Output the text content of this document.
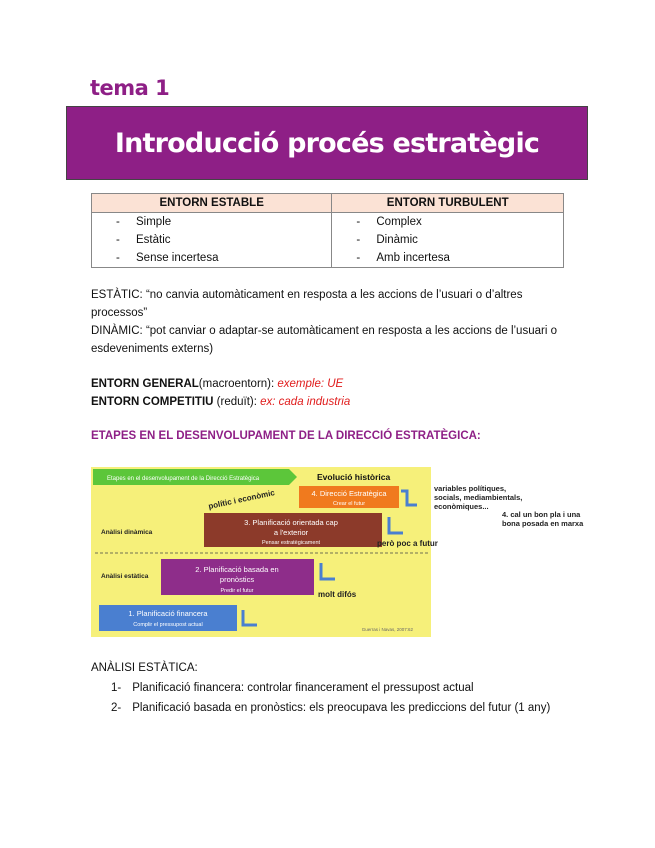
tema 1
Introducció procés estratègic
ENTORN ESTABLE	ENTORN TURBULENT

- Simple	- Complex

- Estàtic	- Dinàmic

- Sense incertesa	- Amb incertesa
ESTÀTIC: “no canvia automàticament en resposta a les accions de l’usuari o d’altres
processos”
DINÀMIC: “pot canviar o adaptar-se automàticament en resposta a les accions de l’usuari o
esdeveniments externs)
ENTORN GENERAL(macroentorn): exemple: UE
ENTORN COMPETITIU (reduït): ex: cada industria
ETAPES EN EL DESENVOLUPAMENT DE LA DIRECCIÓ ESTRATÈGICA:
Etapes en el desenvolupament de la Direcció Estratègica	Evolució històrica
Anàlisi dinàmica
Anàlisi estàtica
4. Direcció Estratègica
Crear el futur
3. Planificació orientada cap
a l'exterior
Pensar estratègicament
2. Planificació basada en
pronòstics
Predir el futur
1. Planificació financera
Complir el pressupost actual
polític i econòmic
però poc a futur
molt difós
variables polítiques,
socials, mediambientals,
econòmiques...
4. cal un bon pla i una
bona posada en marxa
Guerras i Navas, 2007:62
ANÀLISI ESTÀTICA:
1- Planificació financera: controlar financerament el pressupost actual
2- Planificació basada en pronòstics: els preocupava les prediccions del futur (1 any)
